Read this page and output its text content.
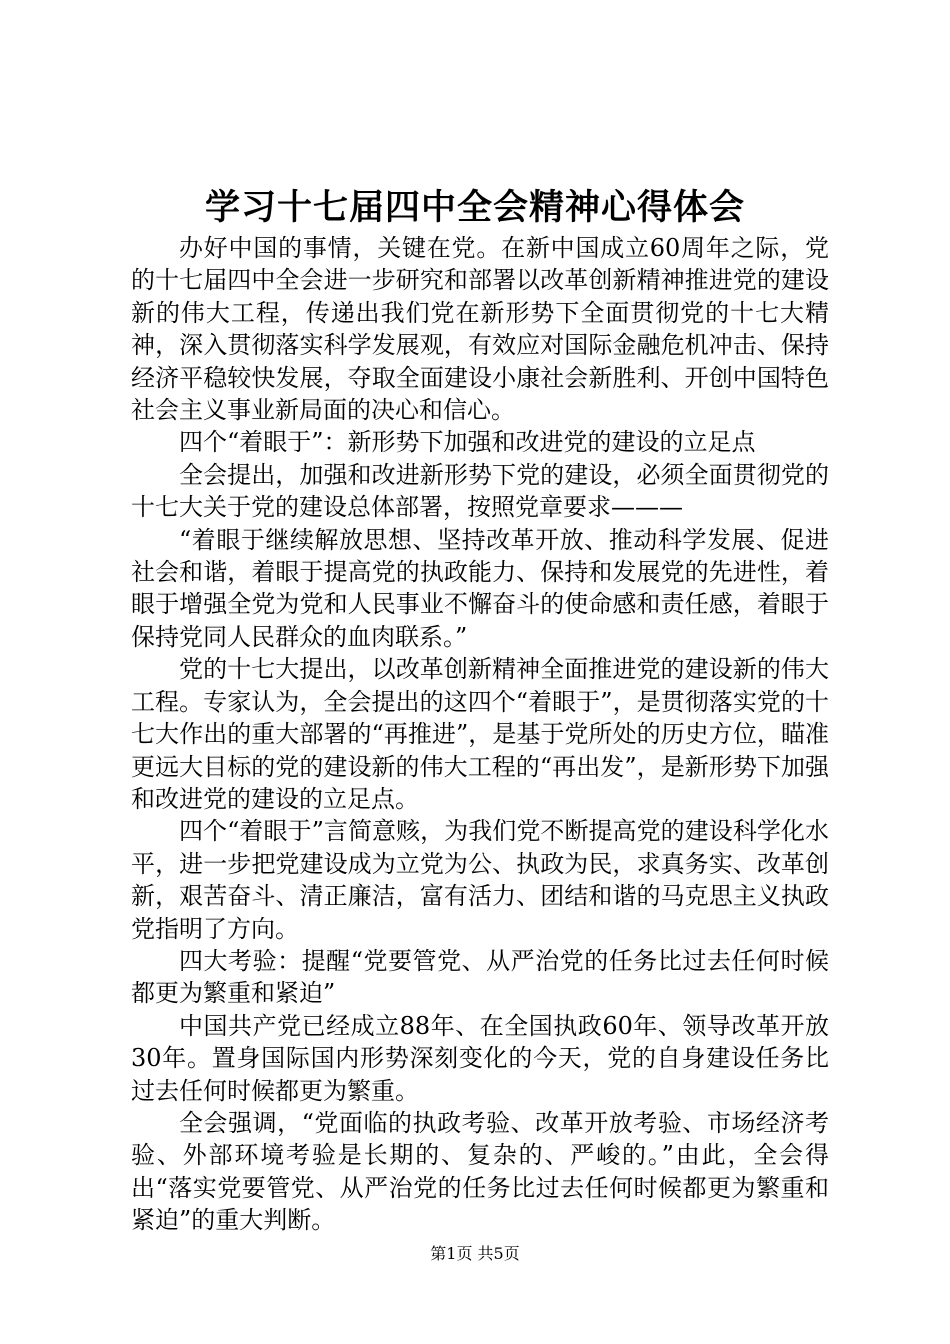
学习十七届四中全会精神心得体会

办好中国的事情，关键在党。在新中国成立60周年之际，党的十七届四中全会进一步研究和部署以改革创新精神推进党的建设新的伟大工程，传递出我们党在新形势下全面贯彻党的十七大精神，深入贯彻落实科学发展观，有效应对国际金融危机冲击、保持经济平稳较快发展，夺取全面建设小康社会新胜利、开创中国特色社会主义事业新局面的决心和信心。

四个“着眼于”：新形势下加强和改进党的建设的立足点

全会提出，加强和改进新形势下党的建设，必须全面贯彻党的十七大关于党的建设总体部署，按照党章要求———

“着眼于继续解放思想、坚持改革开放、推动科学发展、促进社会和谐，着眼于提高党的执政能力、保持和发展党的先进性，着眼于增强全党为党和人民事业不懈奋斗的使命感和责任感，着眼于保持党同人民群众的血肉联系。”

党的十七大提出，以改革创新精神全面推进党的建设新的伟大工程。专家认为，全会提出的这四个“着眼于”，是贯彻落实党的十七大作出的重大部署的“再推进”，是基于党所处的历史方位，瞄准更远大目标的党的建设新的伟大工程的“再出发”，是新形势下加强和改进党的建设的立足点。

四个“着眼于”言简意赅，为我们党不断提高党的建设科学化水平，进一步把党建设成为立党为公、执政为民，求真务实、改革创新，艰苦奋斗、清正廉洁，富有活力、团结和谐的马克思主义执政党指明了方向。

四大考验：提醒“党要管党、从严治党的任务比过去任何时候都更为繁重和紧迫”

中国共产党已经成立88年、在全国执政60年、领导改革开放30年。置身国际国内形势深刻变化的今天，党的自身建设任务比过去任何时候都更为繁重。

全会强调，“党面临的执政考验、改革开放考验、市场经济考验、外部环境考验是长期的、复杂的、严峻的。”由此，全会得出“落实党要管党、从严治党的任务比过去任何时候都更为繁重和紧迫”的重大判断。

第1页 共5页
